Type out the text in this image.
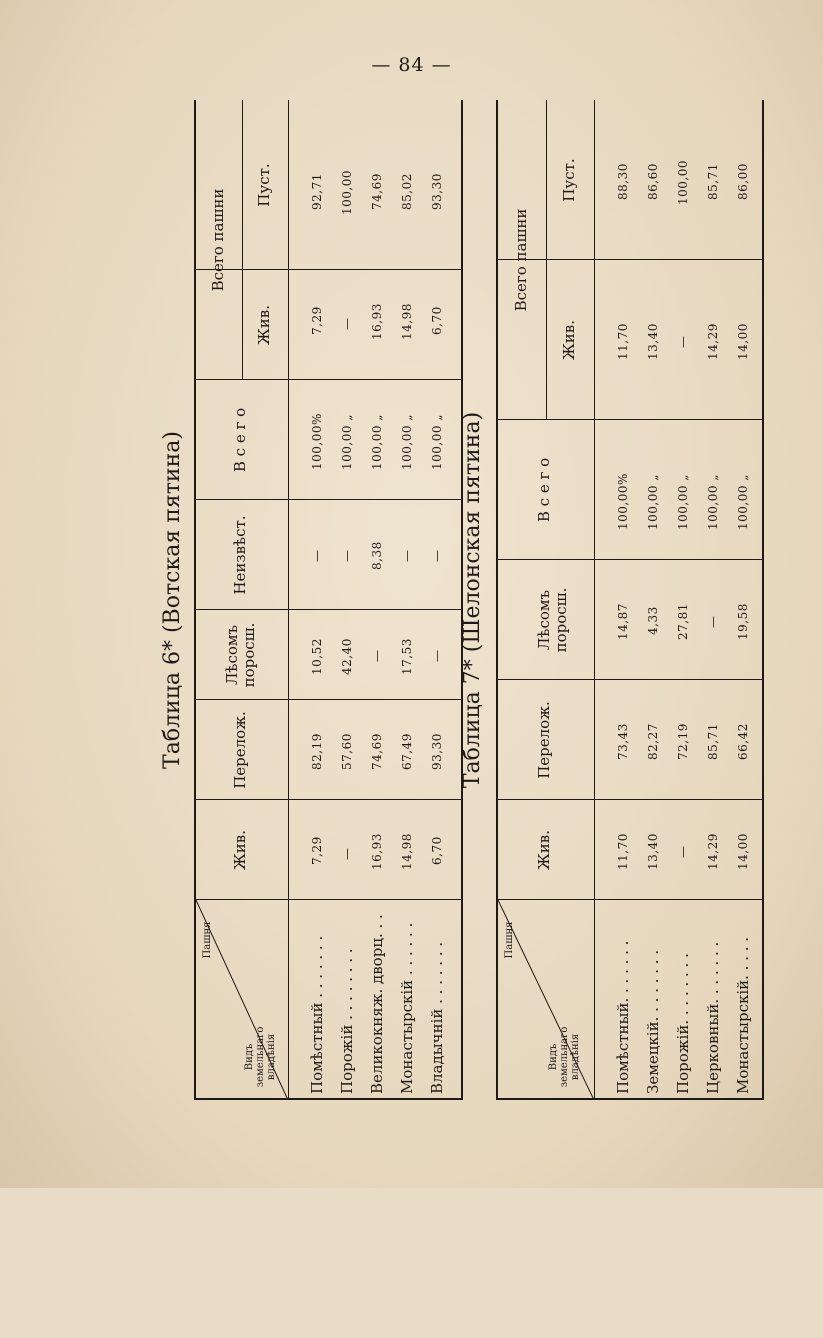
— 84 —
Таблица 6* (Вотская пятина)
Пашня
Видъ земельнаго владѣнія
Жив.
Перелож.
Лѣсомъ поросш.
Неизвѣст.
В с е г о
Всего пашни
Жив.
Пуст.
Помѣстный . . . . . . .
7,29
82,19
10,52
—
100,00%
7,29
92,71
Порожій . . . . . . . .
—
57,60
42,40
—
100,00 „
—
100,00
Великокняж. дворц. . .
16,93
74,69
—
8,38
100,00 „
16,93
74,69
Монастырскій . . . . . .
14,98
67,49
17,53
—
100,00 „
14,98
85,02
Владычній . . . . . . .
6,70
93,30
—
—
100,00 „
6,70
93,30
Таблица 7* (Шелонская пятина)
Пашня
Видъ земельнаго владѣнія
Жив.
Перелож.
Лѣсомъ поросш.
В с е г о
Всего пашни
Жив.
Пуст.
Помѣстный. . . . . . .
11,70
73,43
14,87
100,00%
11,70
88,30
Земецкій. . . . . . . .
13,40
82,27
4,33
100,00 „
13,40
86,60
Порожій. . . . . . . .
—
72,19
27,81
100,00 „
—
100,00
Церковный. . . . . . .
14,29
85,71
—
100,00 „
14,29
85,71
Монастырскій. . . . .
14,00
66,42
19,58
100,00 „
14,00
86,00
